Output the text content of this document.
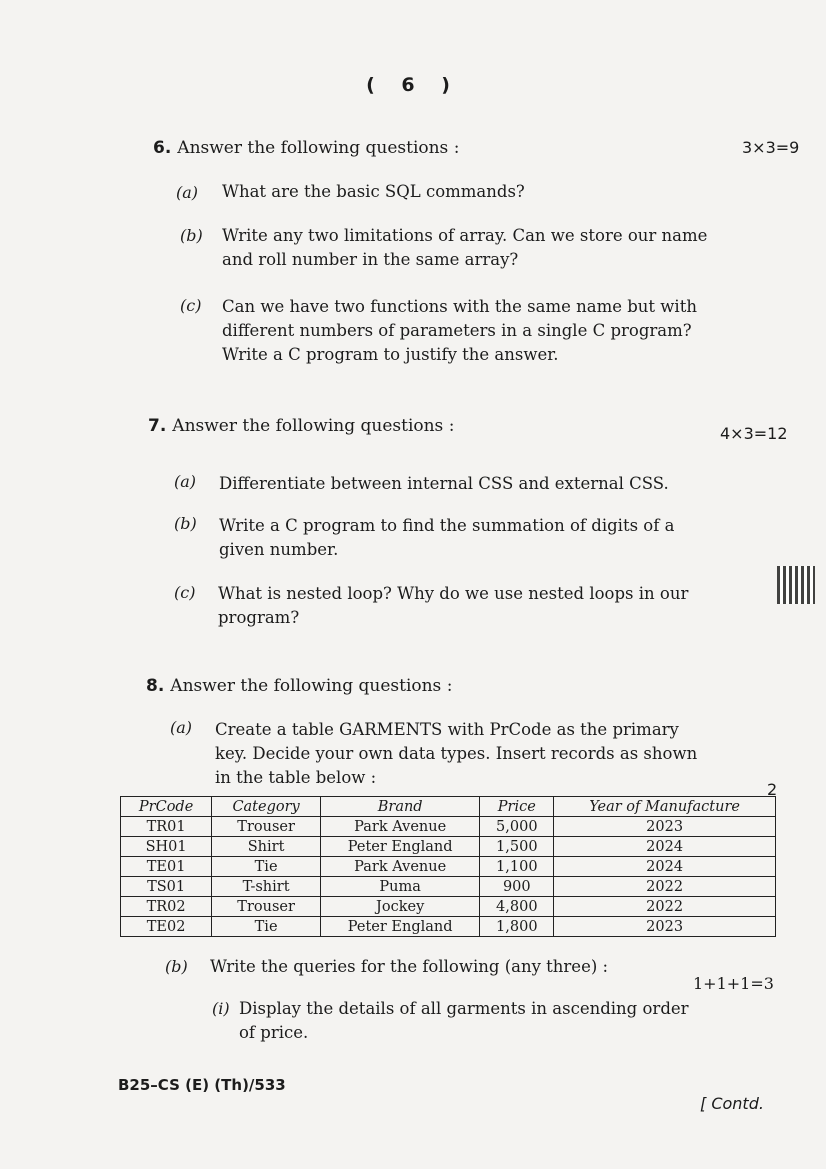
( 6 )
6. Answer the following questions :	3×3=9
(a) What are the basic SQL commands?
(b) Write any two limitations of array. Can we store our name
and roll number in the same array?
(c) Can we have two functions with the same name but with
different numbers of parameters in a single C program?
Write a C program to justify the answer.
7. Answer the following questions :	4×3=12
(a) Differentiate between internal CSS and external CSS.
(b) Write a C program to find the summation of digits of a
given number.
(c) What is nested loop? Why do we use nested loops in our
program?
8. Answer the following questions :
(a) Create a table GARMENTS with PrCode as the primary
key. Decide your own data types. Insert records as shown
in the table below :
2
PrCode	Category	Brand	Price	Year of Manufacture
TR01	Trouser	Park Avenue	5,000	2023
SH01	Shirt	Peter England	1,500	2024
TE01	Tie	Park Avenue	1,100	2024
TS01	T-shirt	Puma	900	2022
TR02	Trouser	Jockey	4,800	2022
TE02	Tie	Peter England	1,800	2023
(b) Write the queries for the following (any three) :
1+1+1=3
(i) Display the details of all garments in ascending order
of price.
B25–CS (E) (Th)/533
[ Contd.
